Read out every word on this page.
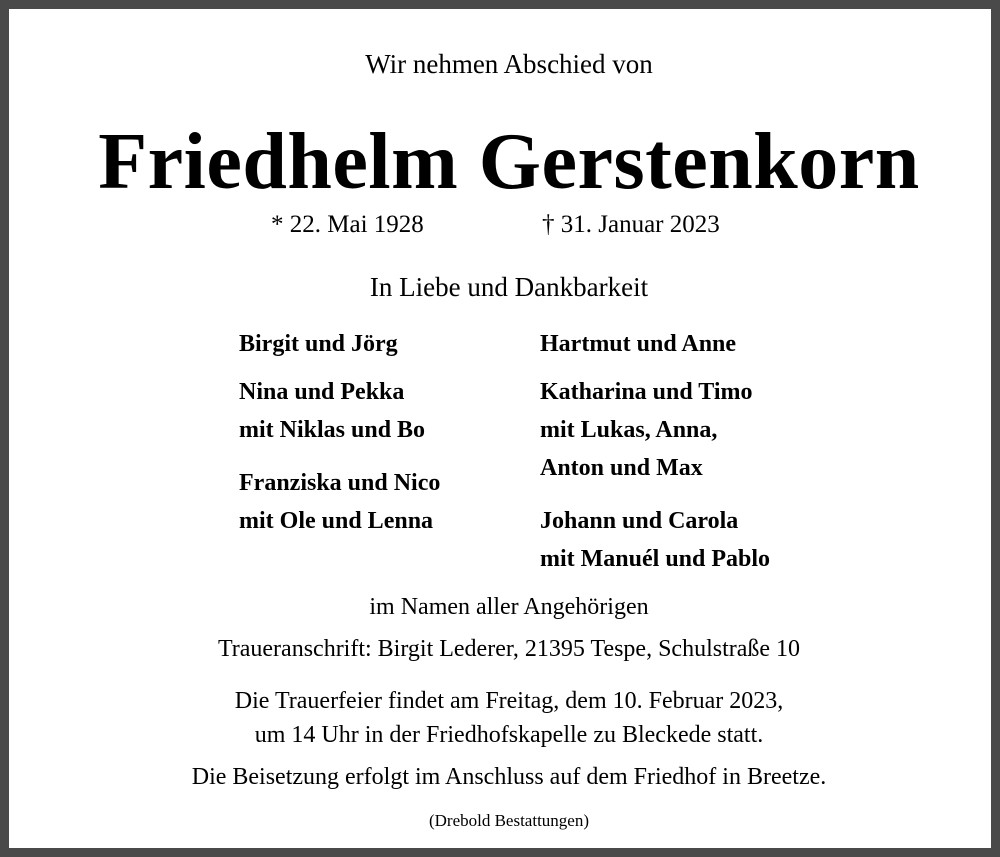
Wir nehmen Abschied von
Friedhelm Gerstenkorn
* 22. Mai 1928	† 31. Januar 2023
In Liebe und Dankbarkeit
Birgit und Jörg
Nina und Pekka
mit Niklas und Bo
Franziska und Nico
mit Ole und Lenna
Hartmut und Anne
Katharina und Timo
mit Lukas, Anna,
Anton und Max
Johann und Carola
mit Manuél und Pablo
im Namen aller Angehörigen
Traueranschrift: Birgit Lederer, 21395 Tespe, Schulstraße 10
Die Trauerfeier findet am Freitag, dem 10. Februar 2023,
um 14 Uhr in der Friedhofskapelle zu Bleckede statt.
Die Beisetzung erfolgt im Anschluss auf dem Friedhof in Breetze.
(Drebold Bestattungen)
